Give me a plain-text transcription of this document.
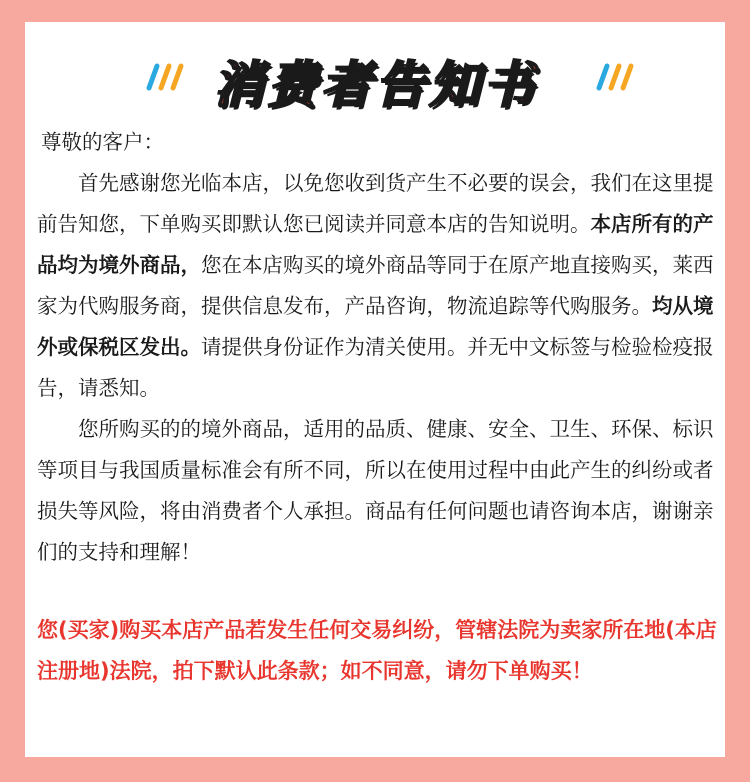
消费者告知书

尊敬的客户：

首先感谢您光临本店，以免您收到货产生不必要的误会，我们在这里提前告知您，下单购买即默认您已阅读并同意本店的告知说明。本店所有的产品均为境外商品，您在本店购买的境外商品等同于在原产地直接购买，莱西家为代购服务商，提供信息发布，产品咨询，物流追踪等代购服务。均从境外或保税区发出。请提供身份证作为清关使用。并无中文标签与检验检疫报告，请悉知。

您所购买的的境外商品，适用的品质、健康、安全、卫生、环保、标识等项目与我国质量标准会有所不同，所以在使用过程中由此产生的纠纷或者损失等风险，将由消费者个人承担。商品有任何问题也请咨询本店，谢谢亲们的支持和理解！

您(买家)购买本店产品若发生任何交易纠纷，管辖法院为卖家所在地(本店注册地)法院，拍下默认此条款；如不同意，请勿下单购买！
